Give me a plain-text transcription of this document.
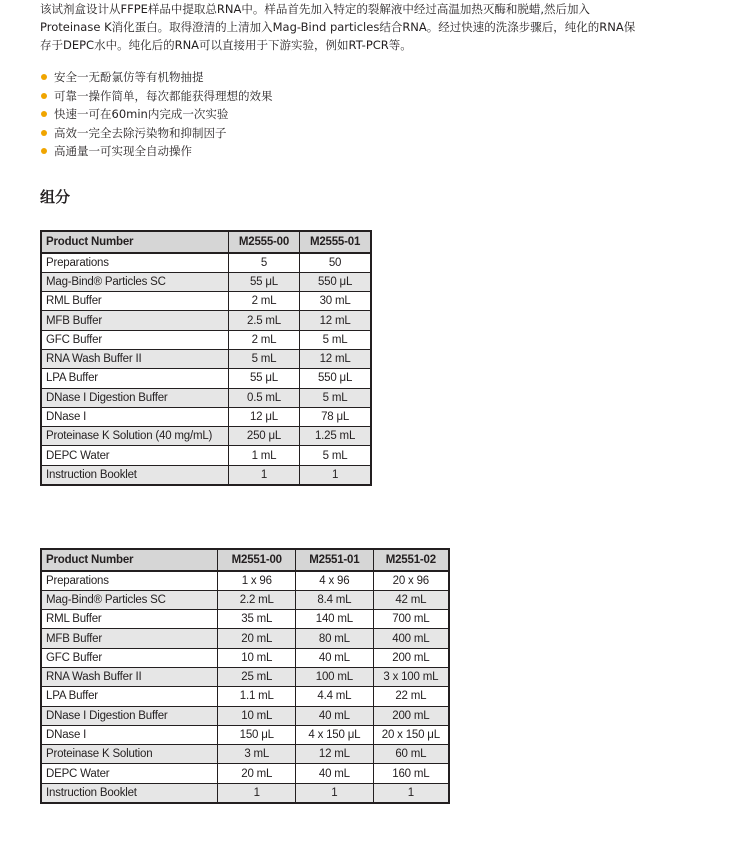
该试剂盒设计从FFPE样品中提取总RNA中。样品首先加入特定的裂解液中经过高温加热灭酶和脱蜡,然后加入

Proteinase K消化蛋白。取得澄清的上清加入Mag-Bind particles结合RNA。经过快速的洗涤步骤后，纯化的RNA保

存于DEPC水中。纯化后的RNA可以直接用于下游实验，例如RT-PCR等。

安全一无酚氯仿等有机物抽提
可靠一操作简单，每次都能获得理想的效果
快速一可在60min内完成一次实验
高效一完全去除污染物和抑制因子
高通量一可实现全自动操作
组分
Product Number	M2555-00	M2555-01
Preparations	5	50
Mag-Bind® Particles SC	55 μL	550 μL
RML Buffer	2 mL	30 mL
MFB Buffer	2.5 mL	12 mL
GFC Buffer	2 mL	5 mL
RNA Wash Buffer II	5 mL	12 mL
LPA Buffer	55 μL	550 μL
DNase I Digestion Buffer	0.5 mL	5 mL
DNase I	12 μL	78 μL
Proteinase K Solution (40 mg/mL)	250 μL	1.25 mL
DEPC Water	1 mL	5 mL
Instruction Booklet	1	1
Product Number	M2551-00	M2551-01	M2551-02
Preparations	1 x 96	4 x 96	20 x 96
Mag-Bind® Particles SC	2.2 mL	8.4 mL	42 mL
RML Buffer	35 mL	140 mL	700 mL
MFB Buffer	20 mL	80 mL	400 mL
GFC Buffer	10 mL	40 mL	200 mL
RNA Wash Buffer II	25 mL	100 mL	3 x 100 mL
LPA Buffer	1.1 mL	4.4 mL	22 mL
DNase I Digestion Buffer	10 mL	40 mL	200 mL
DNase I	150 μL	4 x 150 μL	20 x 150 μL
Proteinase K Solution	3 mL	12 mL	60 mL
DEPC Water	20 mL	40 mL	160 mL
Instruction Booklet	1	1	1
